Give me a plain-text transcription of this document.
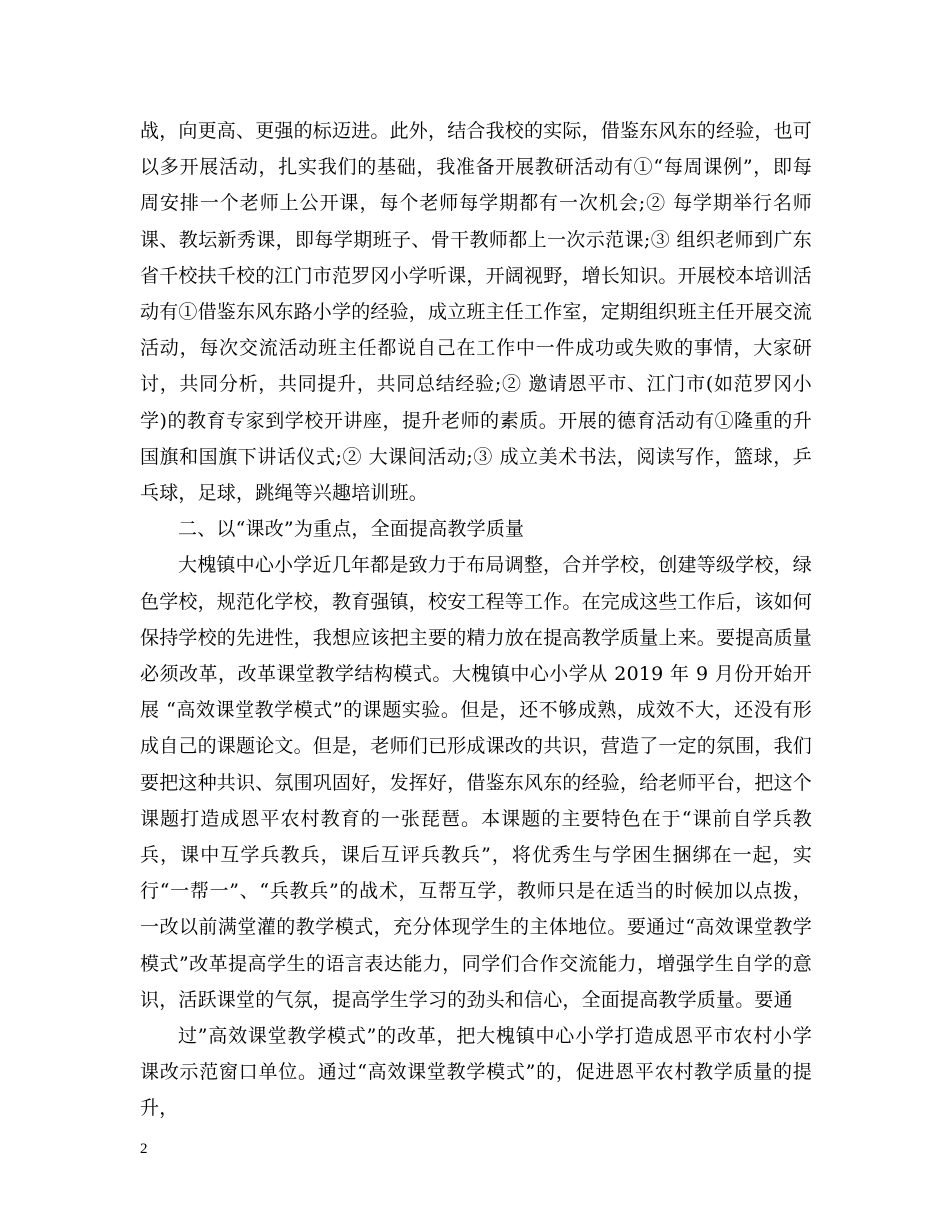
战，向更高、更强的标迈进。此外，结合我校的实际，借鉴东风东的经验，也可以多开展活动，扎实我们的基础，我准备开展教研活动有①“每周课例”，即每周安排一个老师上公开课，每个老师每学期都有一次机会;② 每学期举行名师课、教坛新秀课，即每学期班子、骨干教师都上一次示范课;③ 组织老师到广东省千校扶千校的江门市范罗冈小学听课，开阔视野，增长知识。开展校本培训活动有①借鉴东风东路小学的经验，成立班主任工作室，定期组织班主任开展交流活动，每次交流活动班主任都说自己在工作中一件成功或失败的事情，大家研讨，共同分析，共同提升，共同总结经验;② 邀请恩平市、江门市(如范罗冈小学)的教育专家到学校开讲座，提升老师的素质。开展的德育活动有①隆重的升国旗和国旗下讲话仪式;② 大课间活动;③ 成立美术书法，阅读写作，篮球，乒乓球，足球，跳绳等兴趣培训班。

二、以“课改”为重点，全面提高教学质量

大槐镇中心小学近几年都是致力于布局调整，合并学校，创建等级学校，绿色学校，规范化学校，教育强镇，校安工程等工作。在完成这些工作后，该如何保持学校的先进性，我想应该把主要的精力放在提高教学质量上来。要提高质量必须改革，改革课堂教学结构模式。大槐镇中心小学从 2019 年 9 月份开始开展 “高效课堂教学模式”的课题实验。但是，还不够成熟，成效不大，还没有形成自己的课题论文。但是，老师们已形成课改的共识，营造了一定的氛围，我们要把这种共识、氛围巩固好，发挥好，借鉴东风东的经验，给老师平台，把这个课题打造成恩平农村教育的一张琵琶。本课题的主要特色在于“课前自学兵教兵，课中互学兵教兵，课后互评兵教兵”，将优秀生与学困生捆绑在一起，实行“一帮一”、“兵教兵”的战术，互帮互学，教师只是在适当的时候加以点拨，一改以前满堂灌的教学模式，充分体现学生的主体地位。要通过“高效课堂教学模式”改革提高学生的语言表达能力，同学们合作交流能力，增强学生自学的意识，活跃课堂的气氛，提高学生学习的劲头和信心，全面提高教学质量。要通

过”高效课堂教学模式”的改革，把大槐镇中心小学打造成恩平市农村小学课改示范窗口单位。通过“高效课堂教学模式”的，促进恩平农村教学质量的提升，

2
